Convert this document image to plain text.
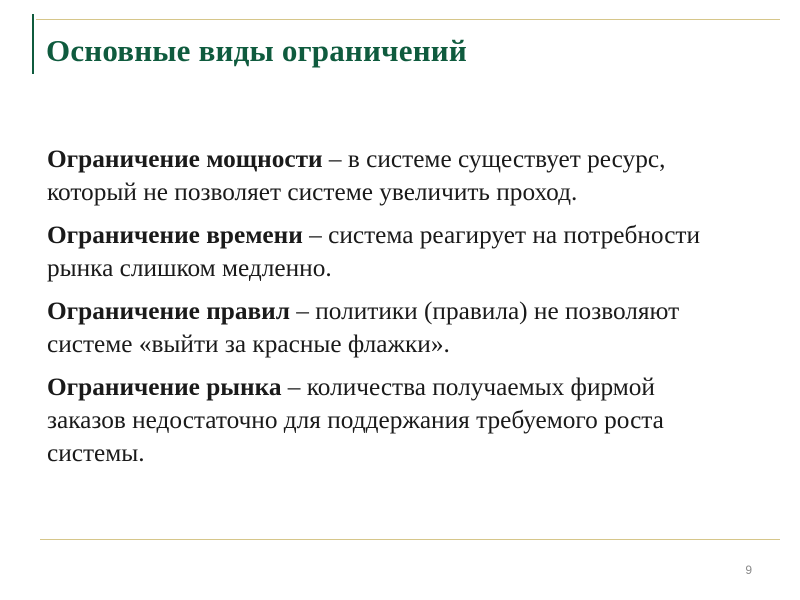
Основные виды ограничений

Ограничение мощности – в системе существует ресурс, который не позволяет системе увеличить проход.

Ограничение времени – система реагирует на потребности рынка слишком медленно.

Ограничение правил – политики (правила) не позволяют системе «выйти за красные флажки».

Ограничение рынка – количества получаемых фирмой заказов недостаточно для поддержания требуемого роста системы.

9
